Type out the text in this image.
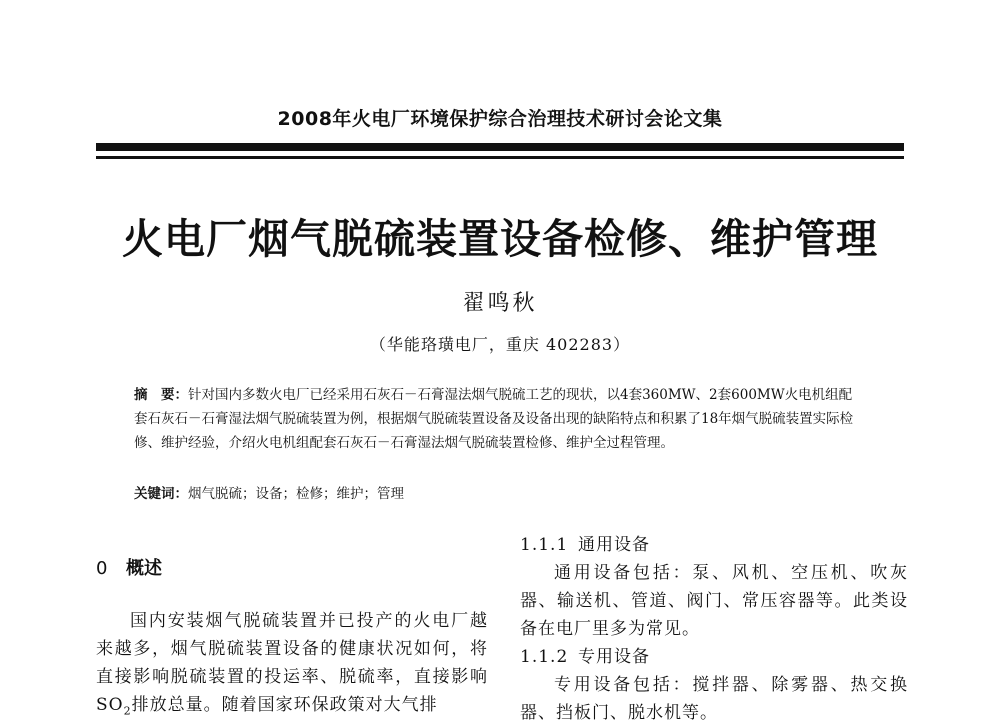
2008年火电厂环境保护综合治理技术研讨会论文集
火电厂烟气脱硫装置设备检修、维护管理
翟鸣秋
（华能珞璜电厂，重庆 402283）
摘　要：针对国内多数火电厂已经采用石灰石－石膏湿法烟气脱硫工艺的现状，以4套360MW、2套600MW火电机组配套石灰石－石膏湿法烟气脱硫装置为例，根据烟气脱硫装置设备及设备出现的缺陷特点和积累了18年烟气脱硫装置实际检修、维护经验，介绍火电机组配套石灰石－石膏湿法烟气脱硫装置检修、维护全过程管理。
关键词：烟气脱硫；设备；检修；维护；管理
0 概述
国内安装烟气脱硫装置并已投产的火电厂越来越多，烟气脱硫装置设备的健康状况如何，将直接影响脱硫装置的投运率、脱硫率，直接影响$SO_2$排放总量。随着国家环保政策对大气排
1.1.1 通用设备
通用设备包括：泵、风机、空压机、吹灰器、输送机、管道、阀门、常压容器等。此类设备在电厂里多为常见。
1.1.2 专用设备
专用设备包括：搅拌器、除雾器、热交换器、挡板门、脱水机等。
